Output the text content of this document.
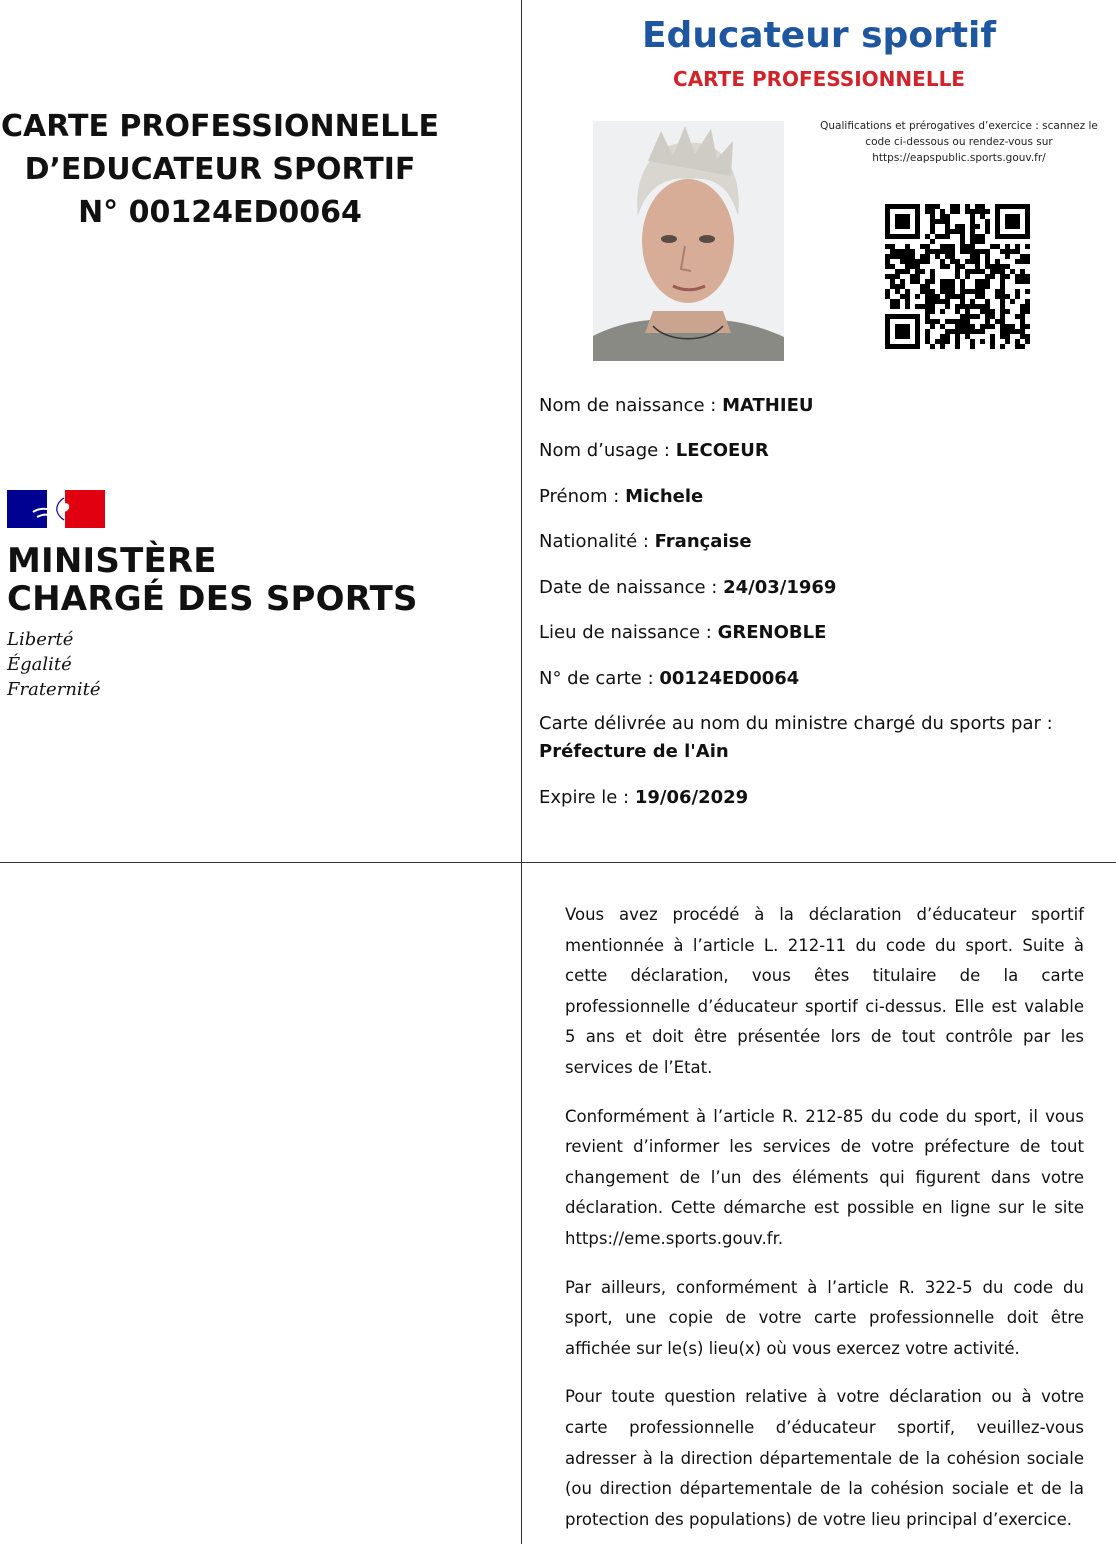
CARTE PROFESSIONNELLE
D’EDUCATEUR SPORTIF
N° 00124ED0064
MINISTÈRE
CHARGÉ DES SPORTS
Liberté
Égalité
Fraternité
Educateur sportif
CARTE PROFESSIONNELLE
Qualifications et prérogatives d’exercice : scannez le code ci-dessous ou rendez-vous sur https://eapspublic.sports.gouv.fr/
Nom de naissance : MATHIEU
Nom d’usage : LECOEUR
Prénom : Michele
Nationalité : Française
Date de naissance : 24/03/1969
Lieu de naissance : GRENOBLE
N° de carte : 00124ED0064
Carte délivrée au nom du ministre chargé du sports par : Préfecture de l'Ain
Expire le : 19/06/2029

Vous avez procédé à la déclaration d’éducateur sportif mentionnée à l’article L. 212-11 du code du sport. Suite à cette déclaration, vous êtes titulaire de la carte professionnelle d’éducateur sportif ci-dessus. Elle est valable 5 ans et doit être présentée lors de tout contrôle par les services de l’Etat.

Conformément à l’article R. 212-85 du code du sport, il vous revient d’informer les services de votre préfecture de tout changement de l’un des éléments qui figurent dans votre déclaration. Cette démarche est possible en ligne sur le site https://eme.sports.gouv.fr.

Par ailleurs, conformément à l’article R. 322-5 du code du sport, une copie de votre carte professionnelle doit être affichée sur le(s) lieu(x) où vous exercez votre activité.

Pour toute question relative à votre déclaration ou à votre carte professionnelle d’éducateur sportif, veuillez-vous adresser à la direction départementale de la cohésion sociale (ou direction départementale de la cohésion sociale et de la protection des populations) de votre lieu principal d’exercice.
